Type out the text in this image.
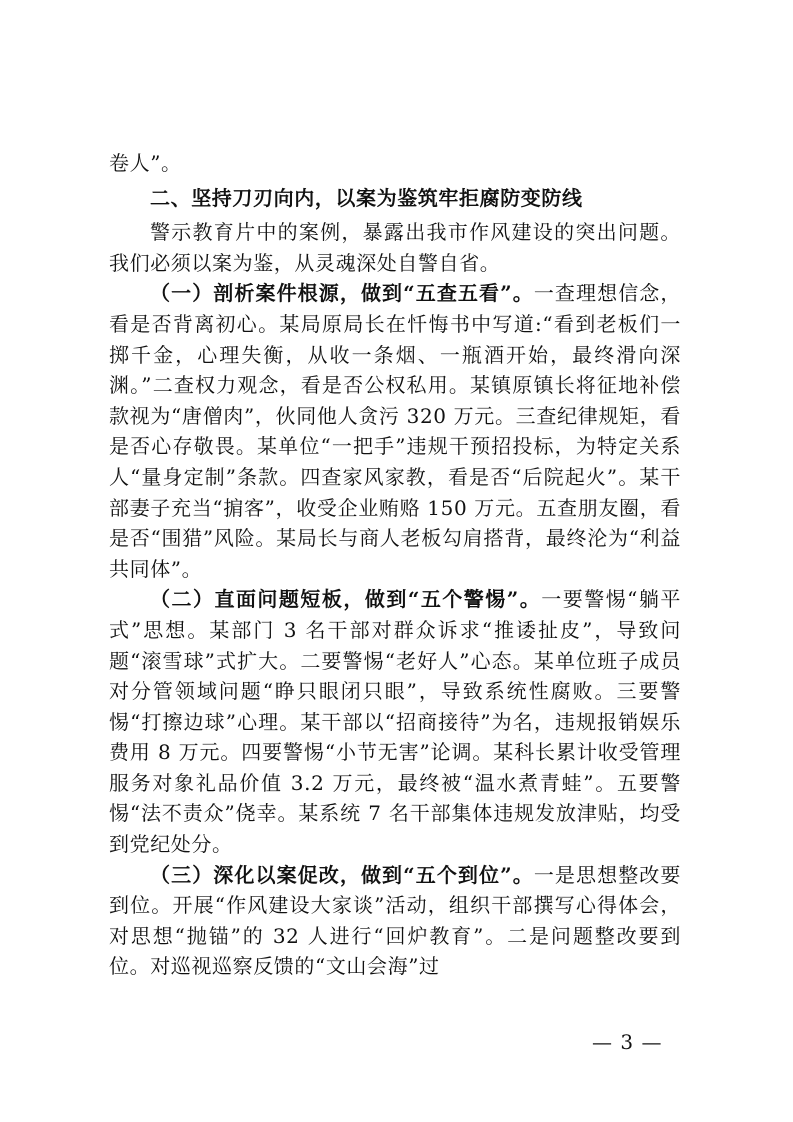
卷人”。

二、坚持刀刃向内，以案为鉴筑牢拒腐防变防线

警示教育片中的案例，暴露出我市作风建设的突出问题。我们必须以案为鉴，从灵魂深处自警自省。

（一）剖析案件根源，做到“五查五看”。一查理想信念，看是否背离初心。某局原局长在忏悔书中写道:“看到老板们一掷千金，心理失衡，从收一条烟、一瓶酒开始，最终滑向深渊。”二查权力观念，看是否公权私用。某镇原镇长将征地补偿款视为“唐僧肉”，伙同他人贪污 320 万元。三查纪律规矩，看是否心存敬畏。某单位“一把手”违规干预招投标，为特定关系人“量身定制”条款。四查家风家教，看是否“后院起火”。某干部妻子充当“掮客”，收受企业贿赂 150 万元。五查朋友圈，看是否“围猎”风险。某局长与商人老板勾肩搭背，最终沦为“利益共同体”。

（二）直面问题短板，做到“五个警惕”。一要警惕“躺平式”思想。某部门 3 名干部对群众诉求“推诿扯皮”，导致问题“滚雪球”式扩大。二要警惕“老好人”心态。某单位班子成员对分管领域问题“睁只眼闭只眼”，导致系统性腐败。三要警惕“打擦边球”心理。某干部以“招商接待”为名，违规报销娱乐费用 8 万元。四要警惕“小节无害”论调。某科长累计收受管理服务对象礼品价值 3.2 万元，最终被“温水煮青蛙”。五要警惕“法不责众”侥幸。某系统 7 名干部集体违规发放津贴，均受到党纪处分。

（三）深化以案促改，做到“五个到位”。一是思想整改要到位。开展“作风建设大家谈”活动，组织干部撰写心得体会，对思想“抛锚”的 32 人进行“回炉教育”。二是问题整改要到位。对巡视巡察反馈的“文山会海”过

— 3 —
